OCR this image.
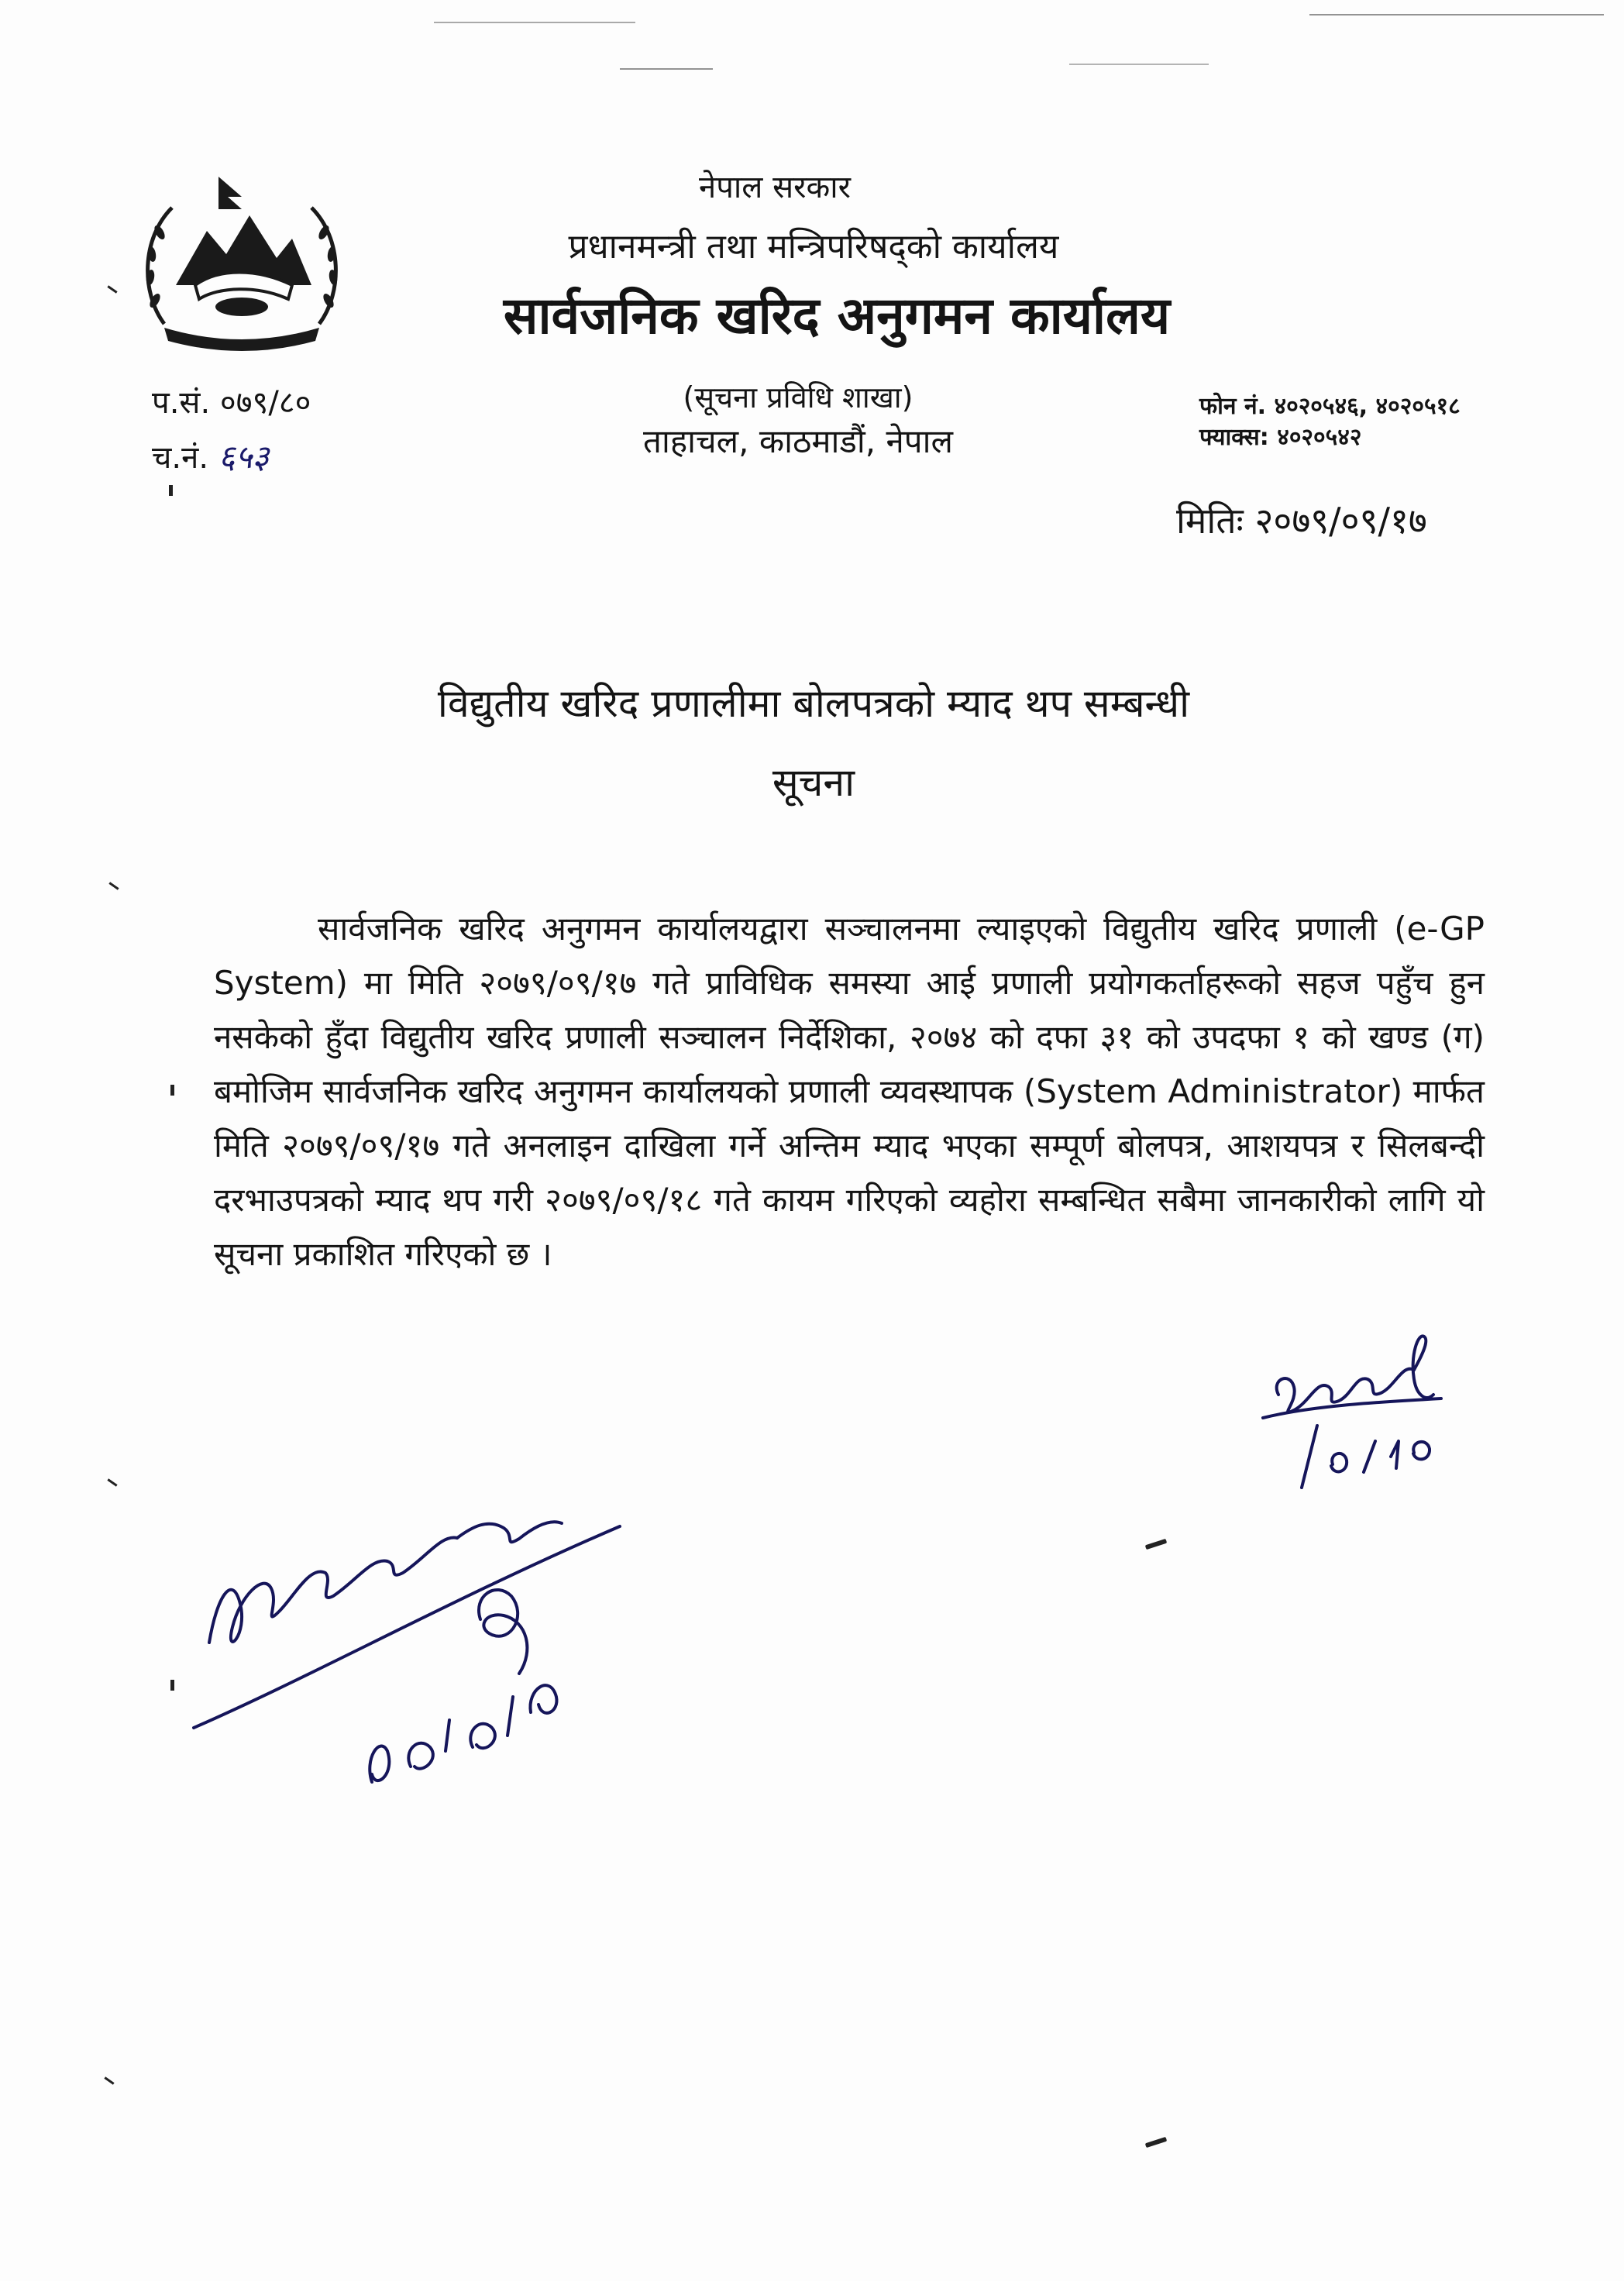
नेपाल सरकार
प्रधानमन्त्री तथा मन्त्रिपरिषद्को कार्यालय
सार्वजनिक खरिद अनुगमन कार्यालय
(सूचना प्रविधि शाखा)
ताहाचल, काठमाडौं, नेपाल
प.सं. ०७९/८०
च.नं. ६५३
फोन नं. ४०२०५४६, ४०२०५१८
फ्याक्स: ४०२०५४२
मितिः २०७९/०९/१७
विद्युतीय खरिद प्रणालीमा बोलपत्रको म्याद थप सम्बन्धी
सूचना
सार्वजनिक खरिद अनुगमन कार्यालयद्वारा सञ्चालनमा ल्याइएको विद्युतीय खरिद प्रणाली (e-GP System) मा मिति २०७९/०९/१७ गते प्राविधिक समस्या आई प्रणाली प्रयोगकर्ताहरूको सहज पहुँच हुन नसकेको हुँदा विद्युतीय खरिद प्रणाली सञ्चालन निर्देशिका, २०७४ को दफा ३१ को उपदफा १ को खण्ड (ग) बमोजिम सार्वजनिक खरिद अनुगमन कार्यालयको प्रणाली व्यवस्थापक (System Administrator) मार्फत मिति २०७९/०९/१७ गते अनलाइन दाखिला गर्ने अन्तिम म्याद भएका सम्पूर्ण बोलपत्र, आशयपत्र र सिलबन्दी दरभाउपत्रको म्याद थप गरी २०७९/०९/१८ गते कायम गरिएको व्यहोरा सम्बन्धित सबैमा जानकारीको लागि यो सूचना प्रकाशित गरिएको छ ।
